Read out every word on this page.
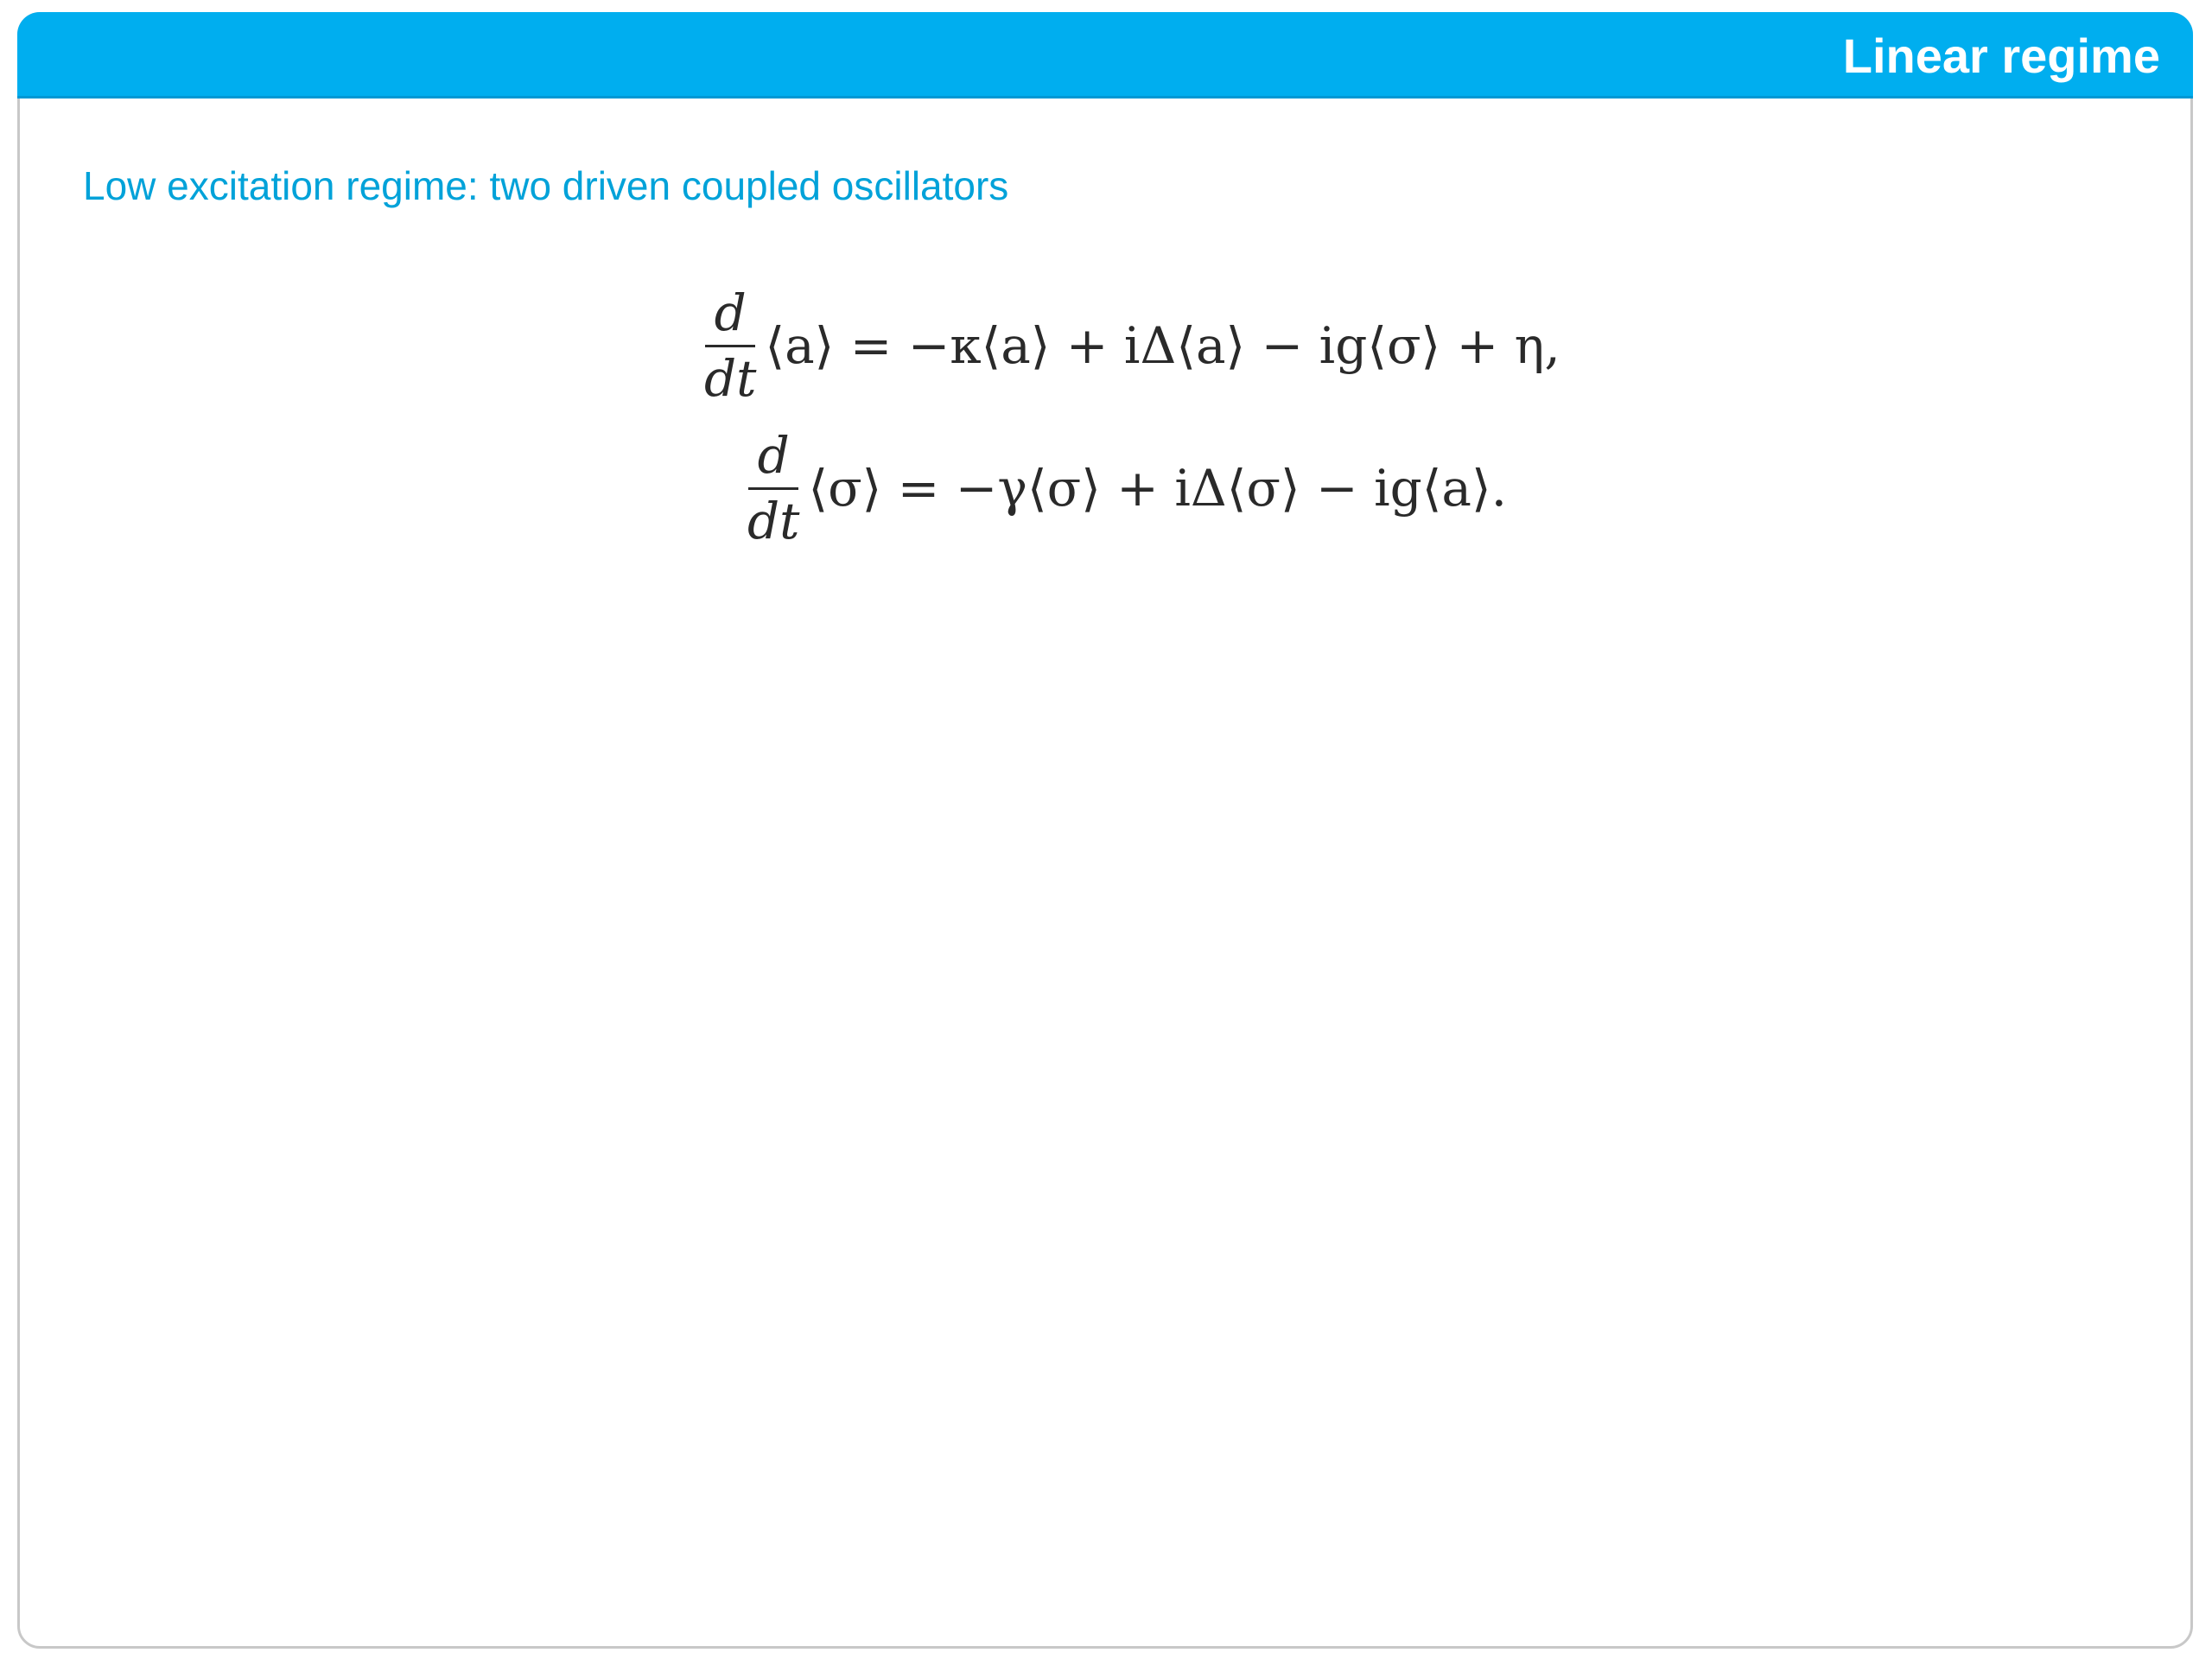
Linear regime
Low excitation regime: two driven coupled oscillators
$\frac{d}{dt}$ ⟨a⟩ = −κ⟨a⟩ + iΔ⟨a⟩ − ig⟨σ⟩ + η,
$\frac{d}{dt}$ ⟨σ⟩ = −γ⟨σ⟩ + iΔ⟨σ⟩ − ig⟨a⟩.
